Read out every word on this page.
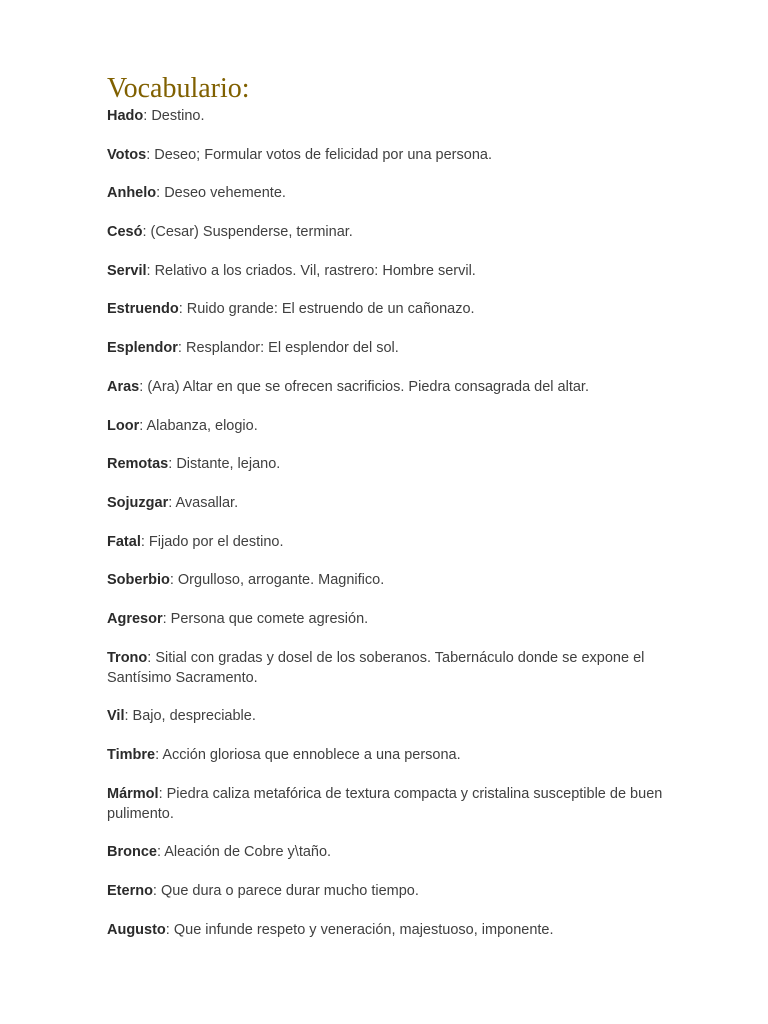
Vocabulario:
Hado: Destino.
Votos: Deseo; Formular votos de felicidad por una persona.
Anhelo: Deseo vehemente.
Cesó: (Cesar) Suspenderse, terminar.
Servil: Relativo a los criados. Vil, rastrero: Hombre servil.
Estruendo: Ruido grande: El estruendo de un cañonazo.
Esplendor: Resplandor: El esplendor del sol.
Aras: (Ara) Altar en que se ofrecen sacrificios. Piedra consagrada del altar.
Loor: Alabanza, elogio.
Remotas: Distante, lejano.
Sojuzgar: Avasallar.
Fatal: Fijado por el destino.
Soberbio: Orgulloso, arrogante. Magnifico.
Agresor: Persona que comete agresión.
Trono: Sitial con gradas y dosel de los soberanos. Tabernáculo donde se expone el Santísimo Sacramento.
Vil: Bajo, despreciable.
Timbre: Acción gloriosa que ennoblece a una persona.
Mármol: Piedra caliza metafórica de textura compacta y cristalina susceptible de buen pulimento.
Bronce: Aleación de Cobre y\taño.
Eterno: Que dura o parece durar mucho tiempo.
Augusto: Que infunde respeto y veneración, majestuoso, imponente.
